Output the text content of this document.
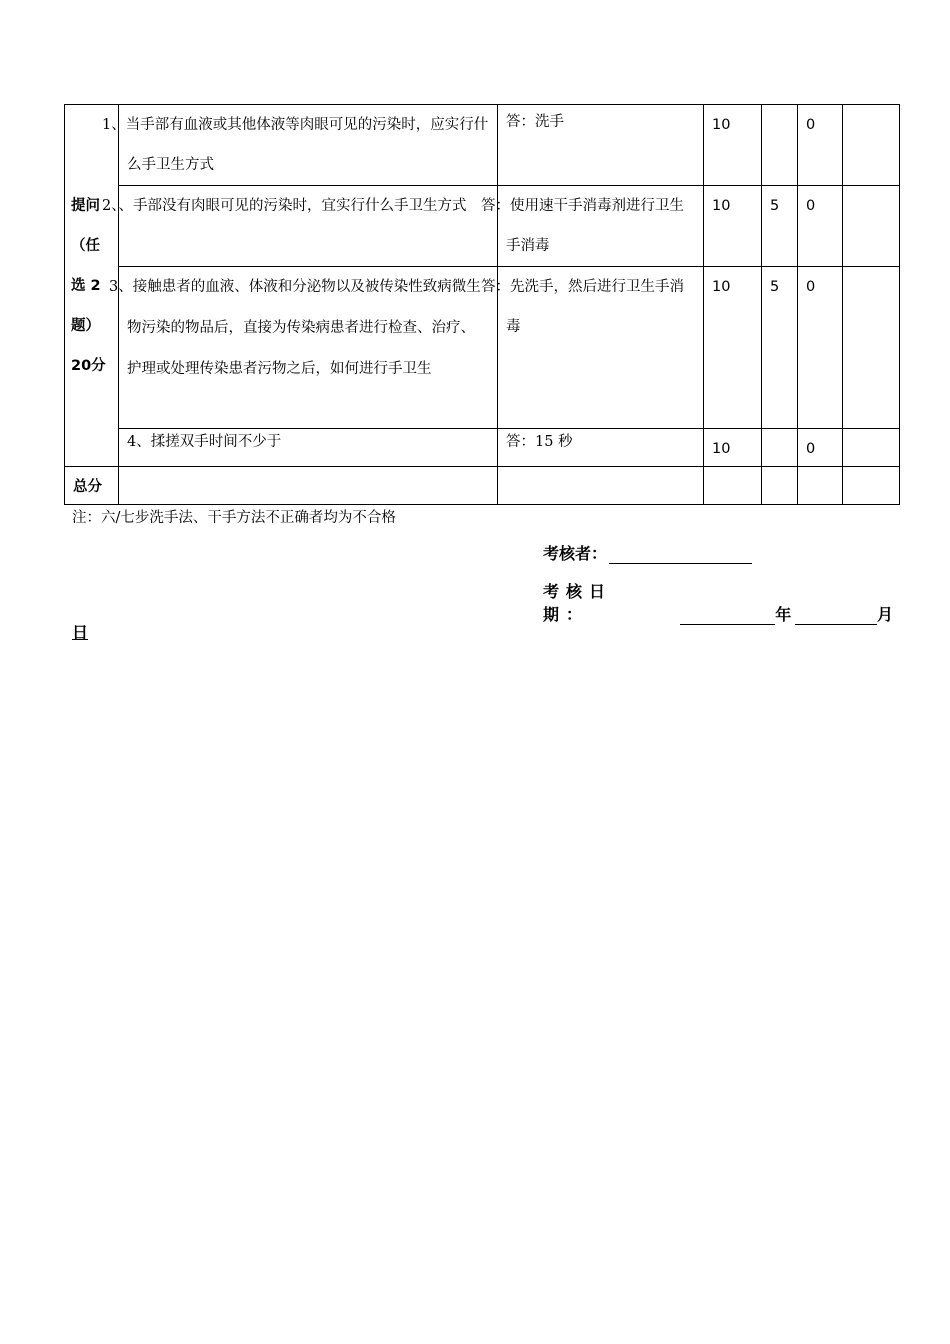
提问
（任
选 2
题）
20分	1、当手部有血液或其他体液等肉眼可见的污染时，应实行什么手卫生方式	答：洗手	10		0	
	2、、手部没有肉眼可见的污染时，宜实行什么手卫生方式	答：使用速干手消毒剂进行卫生手消毒	10	5	0	
	3、接触患者的血液、体液和分泌物以及被传染性致病微生物污染的物品后，直接为传染病患者进行检查、治疗、护理或处理传染患者污物之后，如何进行手卫生	答：先洗手，然后进行卫生手消毒	10	5	0	
	4、揉搓双手时间不少于	答：15 秒	10		0	
总分						
注：六/七步洗手法、干手方法不正确者均为不合格
考核者：
考核日期：	年	月
日
